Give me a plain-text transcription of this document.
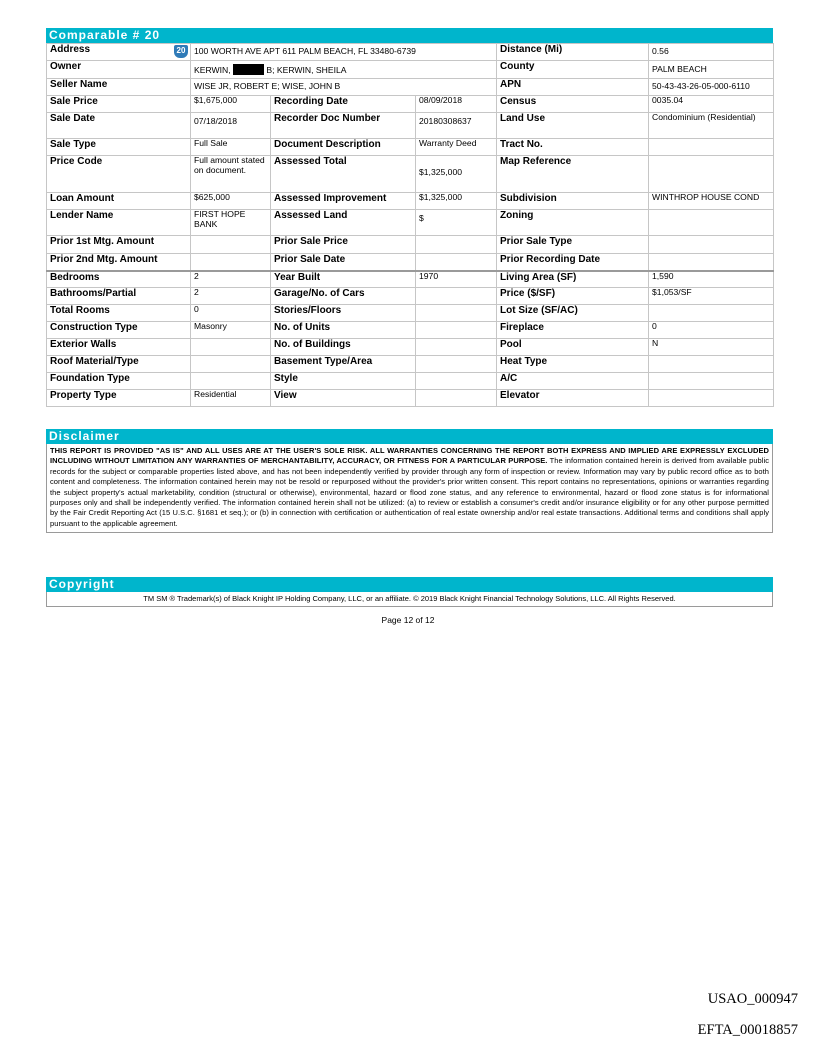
Comparable # 20
Address 20	100 WORTH AVE APT 611 PALM BEACH, FL 33480-6739			Distance (Mi)	0.56
Owner	KERWIN, B; KERWIN, SHEILA			County	PALM BEACH
Seller Name	WISE JR, ROBERT E; WISE, JOHN B			APN	50-43-43-26-05-000-6110
Sale Price	$1,675,000	Recording Date	08/09/2018	Census	0035.04
Sale Date	07/18/2018	Recorder Doc Number	20180308637	Land Use	Condominium (Residential)
Sale Type	Full Sale	Document Description	Warranty Deed	Tract No.	
Price Code	Full amount stated on document.	Assessed Total	$1,325,000	Map Reference	
Loan Amount	$625,000	Assessed Improvement	$1,325,000	Subdivision	WINTHROP HOUSE COND
Lender Name	FIRST HOPE BANK	Assessed Land	$	Zoning	
Prior 1st Mtg. Amount		Prior Sale Price		Prior Sale Type	
Prior 2nd Mtg. Amount		Prior Sale Date		Prior Recording Date	
Bedrooms	2	Year Built	1970	Living Area (SF)	1,590
Bathrooms/Partial	2	Garage/No. of Cars		Price ($/SF)	$1,053/SF
Total Rooms	0	Stories/Floors		Lot Size (SF/AC)	
Construction Type	Masonry	No. of Units		Fireplace	0
Exterior Walls		No. of Buildings		Pool	N
Roof Material/Type		Basement Type/Area		Heat Type	
Foundation Type		Style		A/C	
Property Type	Residential	View		Elevator	
Disclaimer
THIS REPORT IS PROVIDED "AS IS" AND ALL USES ARE AT THE USER'S SOLE RISK. ALL WARRANTIES CONCERNING THE REPORT BOTH EXPRESS AND IMPLIED ARE EXPRESSLY EXCLUDED INCLUDING WITHOUT LIMITATION ANY WARRANTIES OF MERCHANTABILITY, ACCURACY, OR FITNESS FOR A PARTICULAR PURPOSE. The information contained herein is derived from available public records for the subject or comparable properties listed above, and has not been independently verified by provider through any form of inspection or review. Information may vary by public record office as to both content and completeness. The information contained herein may not be resold or repurposed without the provider's prior written consent. This report contains no representations, opinions or warranties regarding the subject property's actual marketability, condition (structural or otherwise), environmental, hazard or flood zone status, and any reference to environmental, hazard or flood zone status is for informational purposes only and shall be independently verified. The information contained herein shall not be utilized: (a) to review or establish a consumer's credit and/or insurance eligibility or for any other purpose permitted by the Fair Credit Reporting Act (15 U.S.C. §1681 et seq.); or (b) in connection with certification or authentication of real estate ownership and/or real estate transactions. Additional terms and conditions shall apply pursuant to the applicable agreement.
Copyright
TM SM ® Trademark(s) of Black Knight IP Holding Company, LLC, or an affiliate. © 2019 Black Knight Financial Technology Solutions, LLC. All Rights Reserved.
Page 12 of 12
USAO_000947
EFTA_00018857
